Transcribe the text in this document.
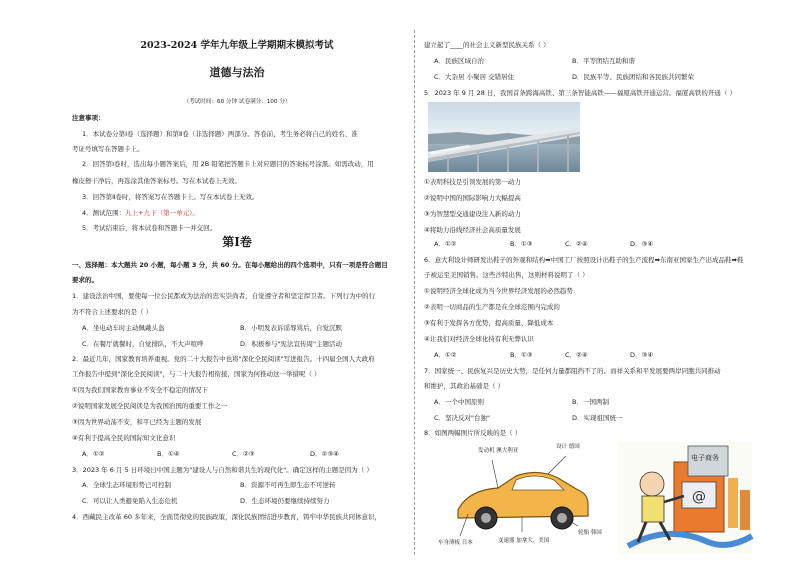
2023-2024 学年九年级上学期期末模拟考试
道德与法治
（考试时间：60 分钟 试卷满分：100 分）
注意事项：
1．本试卷分第Ⅰ卷（选择题）和第Ⅱ卷（非选择题）两部分。答卷前，考生务必将自己的姓名、准
考证号填写在答题卡上。
2．回答第Ⅰ卷时，选出每小题答案后，用 2B 铅笔把答题卡上对应题目的答案标号涂黑。如需改动，用
橡皮擦干净后，再选涂其他答案标号。写在本试卷上无效。
3．回答第Ⅱ卷时，将答案写在答题卡上。写在本试卷上无效。
4．测试范围：九上+九下（第一单元）。
5．考试结束后，将本试卷和答题卡一并交回。
第Ⅰ卷
一、选择题：本大题共 20 小题，每小题 3 分，共 60 分。在每小题给出的四个选项中，只有一项是符合题目
要求的。
1．建设法治中国，要使每一位公民都成为法治的忠实崇尚者，自觉遵守者和坚定捍卫者。下列行为中的行
为不符合上述要求的是（ ）
A．坐电动车时主动佩戴头盔	B．小明发表诉谣辱骂后，自觉沉默
C．在餐厅就餐时，自觉排队，不大声喧哗	D．积极参与"宪法宣传周"主题活动
2．最近几年，国家教育培养重视。党的二十大报告中也将"深化全民阅读"写进报告。十四届全国人大政府
工作报告中提到"深化全民阅读"，与二十大报告相衔接，国家为何推动这一举措呢（ ）
①因为我们国家教育事业不安全不稳定的情况下
②说明国家发展全民阅读是为我国治国的重要工作之一
③因为世界动荡不安，和平已经为主题的发展
④有利于提高全民的国际知文化意识
A．①②	B．①④	C．②③	D．②③④
3．2023 年 6 月 5 日环境日中国主题为"建设人与自然和谐共生的现代化"。确定这样的主题是因为（ ）
A．全球生态环境形势已可控制	B．资源不可再生即生态不可逆转
C．可以让人类避免陷入生态危机	D．生态环境仍要继续持续努力
4．西藏民主改革 60 多年来，全面贯彻党的民族政策，深化民族团结进步教育，铸牢中华民族共同体意识，
建立起了____的社会主义新型民族关系（ ）
A．民族区域自治	B．平等团结互助和谐
C．大杂居 小聚居 交错居住	D．民族平等、民族团结和各民族共同繁荣
5．2023 年 9 月 28 日，我国首条跨海高铁、第三条智能高铁——福厦高铁开通运营。福厦高铁的开通（ ）
①表明科技是引领发展的第一动力
②说明中国的国际影响力大幅提高
③为智慧型交通建设注入新的动力
④将助力沿线经济社会高质量发展
A．①②	B．①③	C．②④	D．③④
6．意大利设计师研发出鞋子的外观和结构➡中国工厂按照设计出鞋子的生产流程➡东南亚国家生产出成品鞋➡鞋
子被运至美国销售。这些沙特出售，这则材料说明了（ ）
①说明经济全球化成为当今世界经济发展的必然趋势
②表明一切商品的生产都是在全球范围内完成的
③有利于发挥各方优势，提高质量、降低成本
④让我们对经济全球化持有利无弊认识
A．①②	B．①③	C．②④	D．③④
7．国家统一、民族复兴是历史大势，是任何力量都阻挡不了的。而祥关系和平发展要两岸同胞共同推动
和维护，其政治基础是（ ）
A．一个中国原则	B．一国两制
C．坚决反对"台独"	D．实现祖国统一
8．如图两幅图片所反映的是（ ）
发动机 澳大利亚
设计 德国
车身薄板 日本	变速器 加拿大、美国
轮胎 韩国
电子商务
@
